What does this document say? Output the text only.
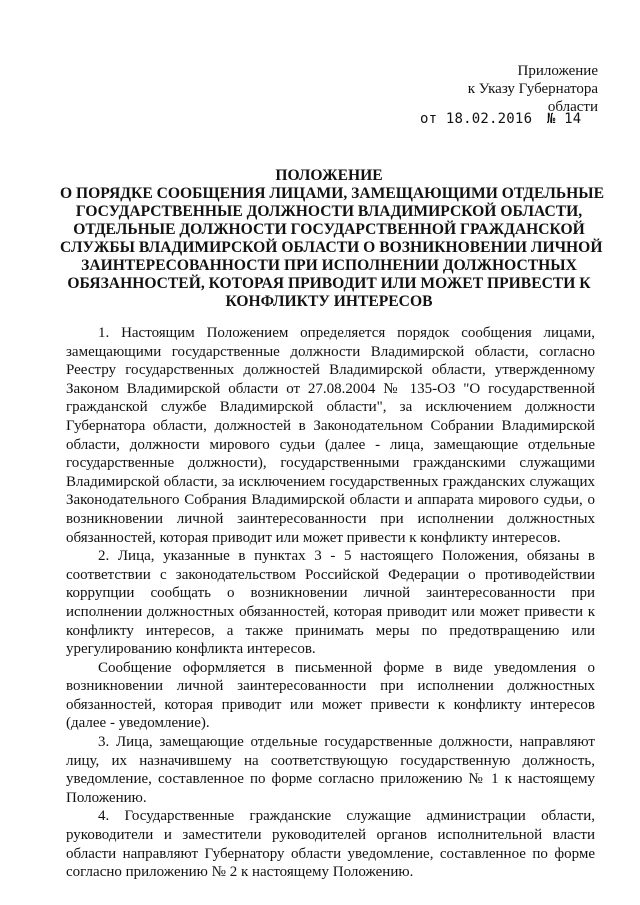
Приложение
к Указу Губернатора
области
от 18.02.2016 № 14
ПОЛОЖЕНИЕ
О ПОРЯДКЕ СООБЩЕНИЯ ЛИЦАМИ, ЗАМЕЩАЮЩИМИ ОТДЕЛЬНЫЕ
ГОСУДАРСТВЕННЫЕ ДОЛЖНОСТИ ВЛАДИМИРСКОЙ ОБЛАСТИ,
ОТДЕЛЬНЫЕ ДОЛЖНОСТИ ГОСУДАРСТВЕННОЙ ГРАЖДАНСКОЙ
СЛУЖБЫ ВЛАДИМИРСКОЙ ОБЛАСТИ О ВОЗНИКНОВЕНИИ ЛИЧНОЙ
ЗАИНТЕРЕСОВАННОСТИ ПРИ ИСПОЛНЕНИИ ДОЛЖНОСТНЫХ
ОБЯЗАННОСТЕЙ, КОТОРАЯ ПРИВОДИТ ИЛИ МОЖЕТ ПРИВЕСТИ К
КОНФЛИКТУ ИНТЕРЕСОВ

1. Настоящим Положением определяется порядок сообщения лицами, замещающими государственные должности Владимирской области, согласно Реестру государственных должностей Владимирской области, утвержденному Законом Владимирской области от 27.08.2004 № 135-ОЗ "О государственной гражданской службе Владимирской области", за исключением должности Губернатора области, должностей в Законодательном Собрании Владимирской области, должности мирового судьи (далее - лица, замещающие отдельные государственные должности), государственными гражданскими служащими Владимирской области, за исключением государственных гражданских служащих Законодательного Собрания Владимирской области и аппарата мирового судьи, о возникновении личной заинтересованности при исполнении должностных обязанностей, которая приводит или может привести к конфликту интересов.

2. Лица, указанные в пунктах 3 - 5 настоящего Положения, обязаны в соответствии с законодательством Российской Федерации о противодействии коррупции сообщать о возникновении личной заинтересованности при исполнении должностных обязанностей, которая приводит или может привести к конфликту интересов, а также принимать меры по предотвращению или урегулированию конфликта интересов.

Сообщение оформляется в письменной форме в виде уведомления о возникновении личной заинтересованности при исполнении должностных обязанностей, которая приводит или может привести к конфликту интересов (далее - уведомление).

3. Лица, замещающие отдельные государственные должности, направляют лицу, их назначившему на соответствующую государственную должность, уведомление, составленное по форме согласно приложению № 1 к настоящему Положению.

4. Государственные гражданские служащие администрации области, руководители и заместители руководителей органов исполнительной власти области направляют Губернатору области уведомление, составленное по форме согласно приложению № 2 к настоящему Положению.
